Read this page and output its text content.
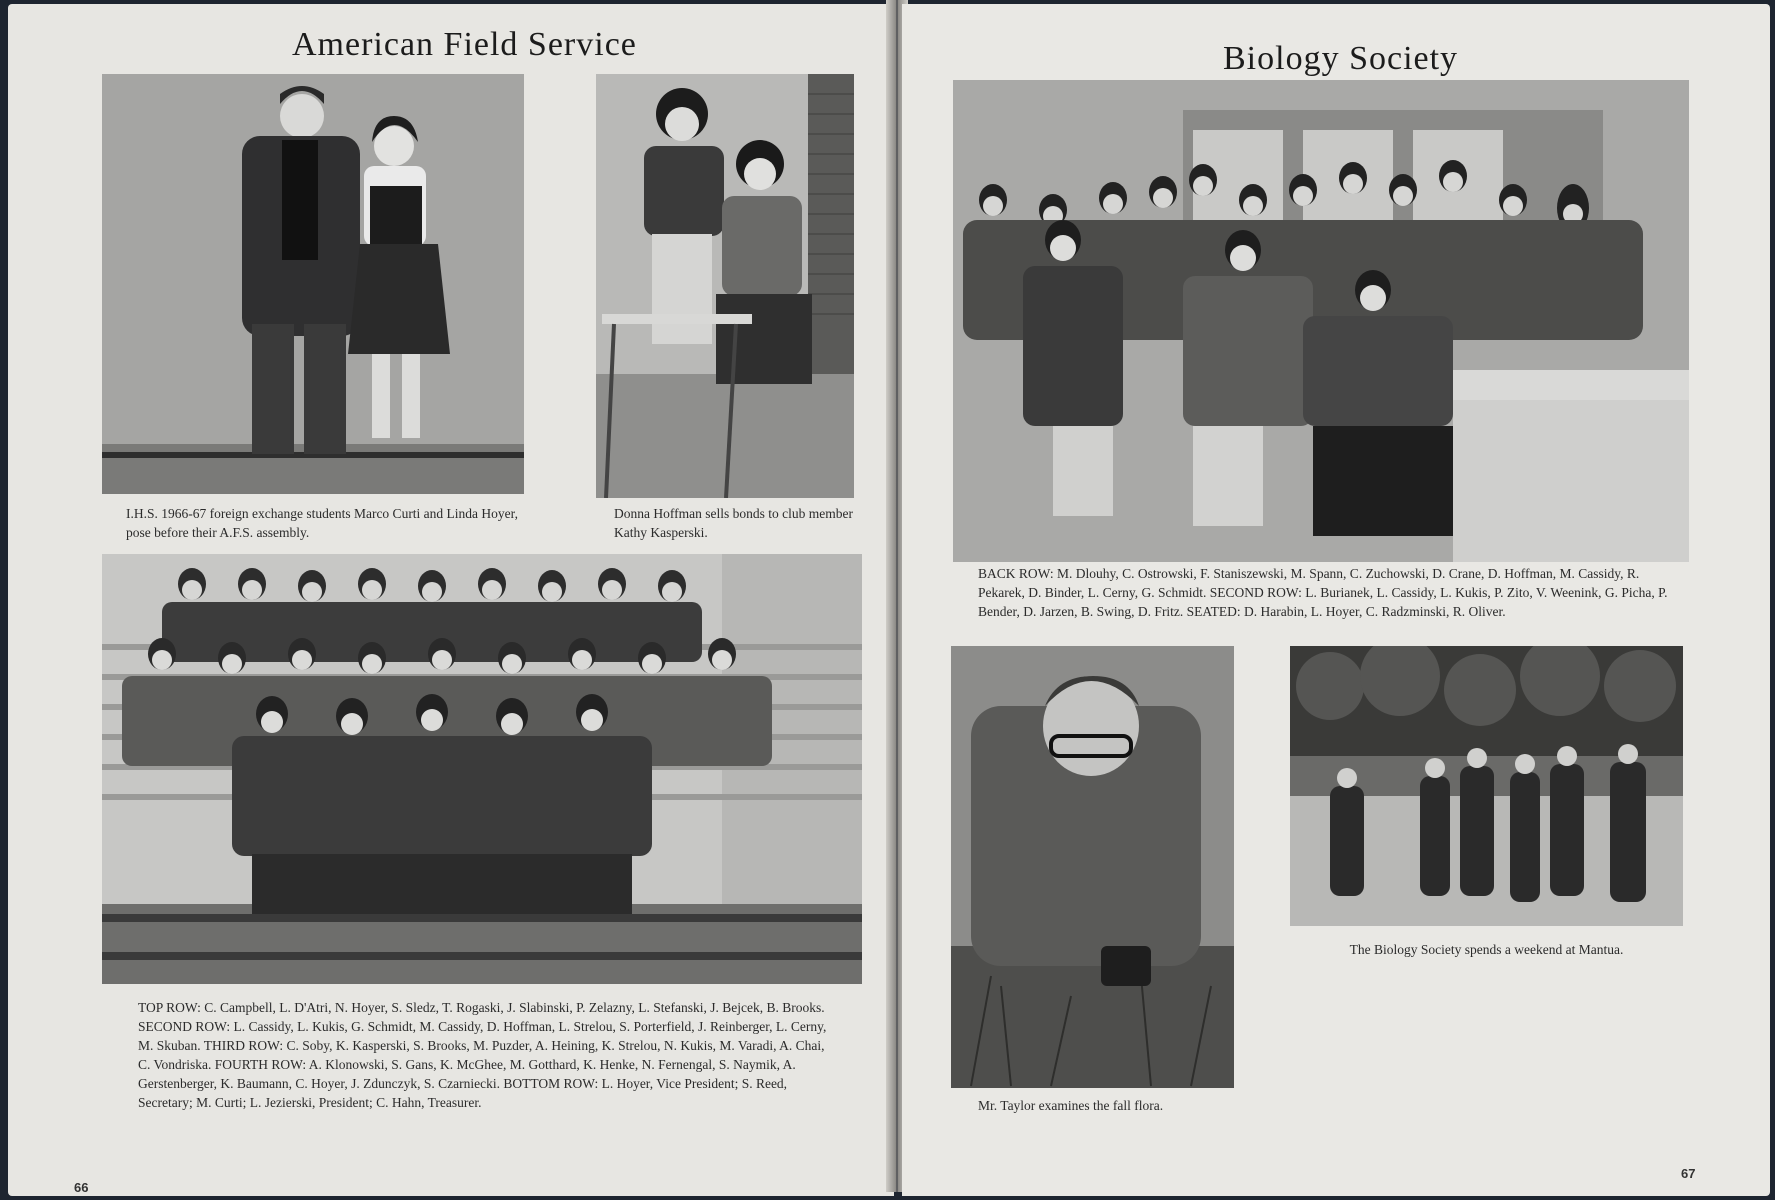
American Field Service

I.H.S. 1966-67 foreign exchange students Marco Curti and Linda Hoyer, pose before their A.F.S. assembly.

Donna Hoffman sells bonds to club member Kathy Kasperski.

TOP ROW: C. Campbell, L. D'Atri, N. Hoyer, S. Sledz, T. Rogaski, J. Slabinski, P. Zelazny, L. Stefanski, J. Bejcek, B. Brooks. SECOND ROW: L. Cassidy, L. Kukis, G. Schmidt, M. Cassidy, D. Hoffman, L. Strelou, S. Porterfield, J. Reinberger, L. Cerny, M. Skuban. THIRD ROW: C. Soby, K. Kasperski, S. Brooks, M. Puzder, A. Heining, K. Strelou, N. Kukis, M. Varadi, A. Chai, C. Vondriska. FOURTH ROW: A. Klonowski, S. Gans, K. McGhee, M. Gotthard, K. Henke, N. Fernengal, S. Naymik, A. Gerstenberger, K. Baumann, C. Hoyer, J. Zdunczyk, S. Czarniecki. BOTTOM ROW: L. Hoyer, Vice President; S. Reed, Secretary; M. Curti; L. Jezierski, President; C. Hahn, Treasurer.

66
Biology Society

BACK ROW: M. Dlouhy, C. Ostrowski, F. Staniszewski, M. Spann, C. Zuchowski, D. Crane, D. Hoffman, M. Cassidy, R. Pekarek, D. Binder, L. Cerny, G. Schmidt. SECOND ROW: L. Burianek, L. Cassidy, L. Kukis, P. Zito, V. Weenink, G. Picha, P. Bender, D. Jarzen, B. Swing, D. Fritz. SEATED: D. Harabin, L. Hoyer, C. Radzminski, R. Oliver.

Mr. Taylor examines the fall flora.

The Biology Society spends a weekend at Mantua.

67
